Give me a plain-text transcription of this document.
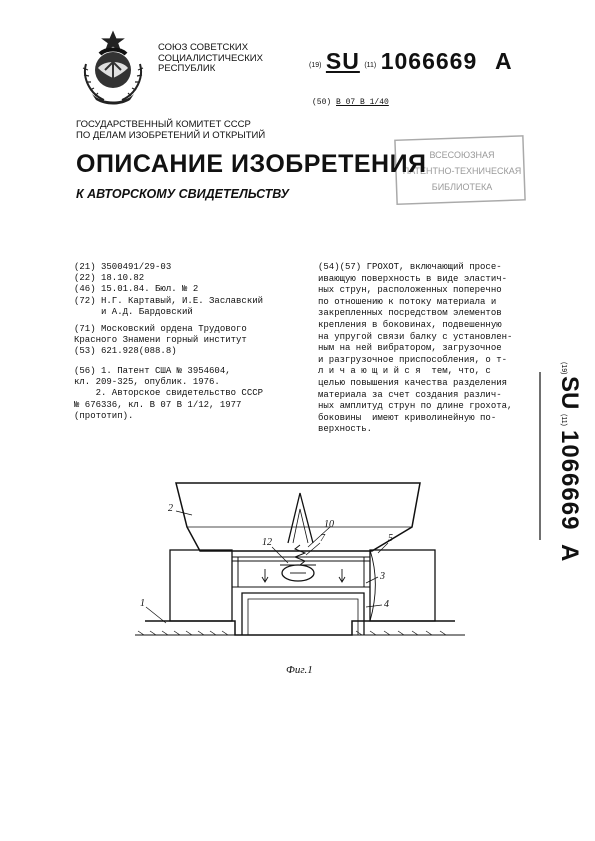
СОЮЗ СОВЕТСКИХ
СОЦИАЛИСТИЧЕСКИХ
РЕСПУБЛИК	(19) SU (11) 1066669 A
(50) В 07 В 1/40
ГОСУДАРСТВЕННЫЙ КОМИТЕТ СССР
ПО ДЕЛАМ ИЗОБРЕТЕНИЙ И ОТКРЫТИЙ
ВСЕСОЮЗНАЯ
ПАТЕНТНО-ТЕХНИЧЕСКАЯ
БИБЛИОТЕКА
ОПИСАНИЕ ИЗОБРЕТЕНИЯ
К АВТОРСКОМУ СВИДЕТЕЛЬСТВУ
(21) 3500491/29-03
(22) 18.10.82
(46) 15.01.84. Бюл. № 2
(72) Н.Г. Картавый, И.Е. Заславский
и А.Д. Бардовский
(71) Московский ордена Трудового
Красного Знамени горный институт
(53) 621.928(088.8)
(56) 1. Патент США № 3954604,
кл. 209-325, опублик. 1976.
2. Авторское свидетельство СССР
№ 676336, кл. В 07 В 1/12, 1977
(прототип).
(54)(57) ГРОХОТ, включающий просе-
ивающую поверхность в виде эластич-
ных струн, расположенных поперечно
по отношению к потоку материала и
закрепленных посредством элементов
крепления в боковинах, подвешенную
на упругой связи балку с установлен-
ным на ней вибратором, загрузочное
и разгрузочное приспособления, о т-
л и ч а ю щ и й с я  тем, что, с
целью повышения качества разделения
материала за счет создания различ-
ных амплитуд струн по длине грохота,
боковины  имеют криволинейную по-
верхность.
(19)
SU
(11)
1066669
A
1
2
3
4
5
7
10
12
Фиг.1
